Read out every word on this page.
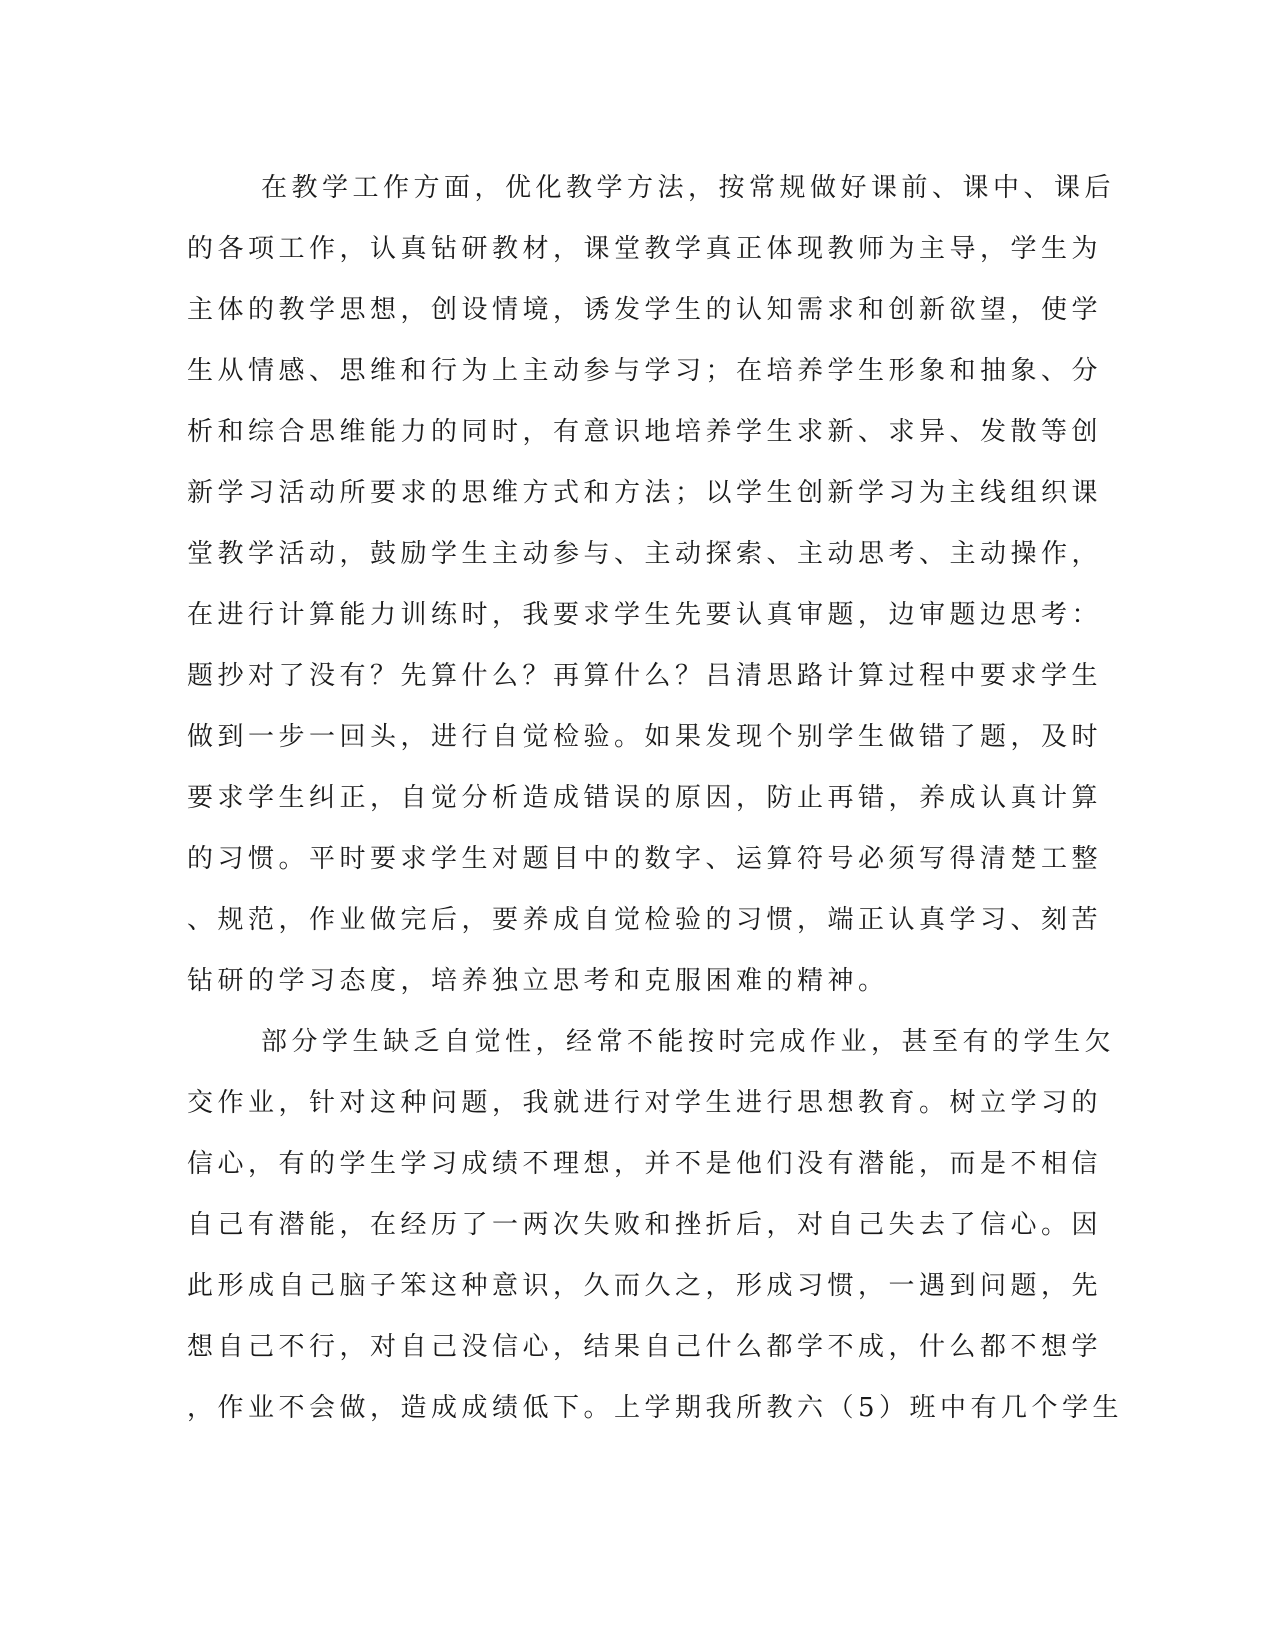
在教学工作方面，优化教学方法，按常规做好课前、课中、课后
的各项工作，认真钻研教材，课堂教学真正体现教师为主导，学生为
主体的教学思想，创设情境，诱发学生的认知需求和创新欲望，使学
生从情感、思维和行为上主动参与学习；在培养学生形象和抽象、分
析和综合思维能力的同时，有意识地培养学生求新、求异、发散等创
新学习活动所要求的思维方式和方法；以学生创新学习为主线组织课
堂教学活动，鼓励学生主动参与、主动探索、主动思考、主动操作，
在进行计算能力训练时，我要求学生先要认真审题，边审题边思考：
题抄对了没有？先算什么？再算什么？吕清思路计算过程中要求学生
做到一步一回头，进行自觉检验。如果发现个别学生做错了题，及时
要求学生纠正，自觉分析造成错误的原因，防止再错，养成认真计算
的习惯。平时要求学生对题目中的数字、运算符号必须写得清楚工整
、规范，作业做完后，要养成自觉检验的习惯，端正认真学习、刻苦
钻研的学习态度，培养独立思考和克服困难的精神。
部分学生缺乏自觉性，经常不能按时完成作业，甚至有的学生欠
交作业，针对这种问题，我就进行对学生进行思想教育。树立学习的
信心，有的学生学习成绩不理想，并不是他们没有潜能，而是不相信
自己有潜能，在经历了一两次失败和挫折后，对自己失去了信心。因
此形成自己脑子笨这种意识，久而久之，形成习惯，一遇到问题，先
想自己不行，对自己没信心，结果自己什么都学不成，什么都不想学
，作业不会做，造成成绩低下。上学期我所教六（5）班中有几个学生
